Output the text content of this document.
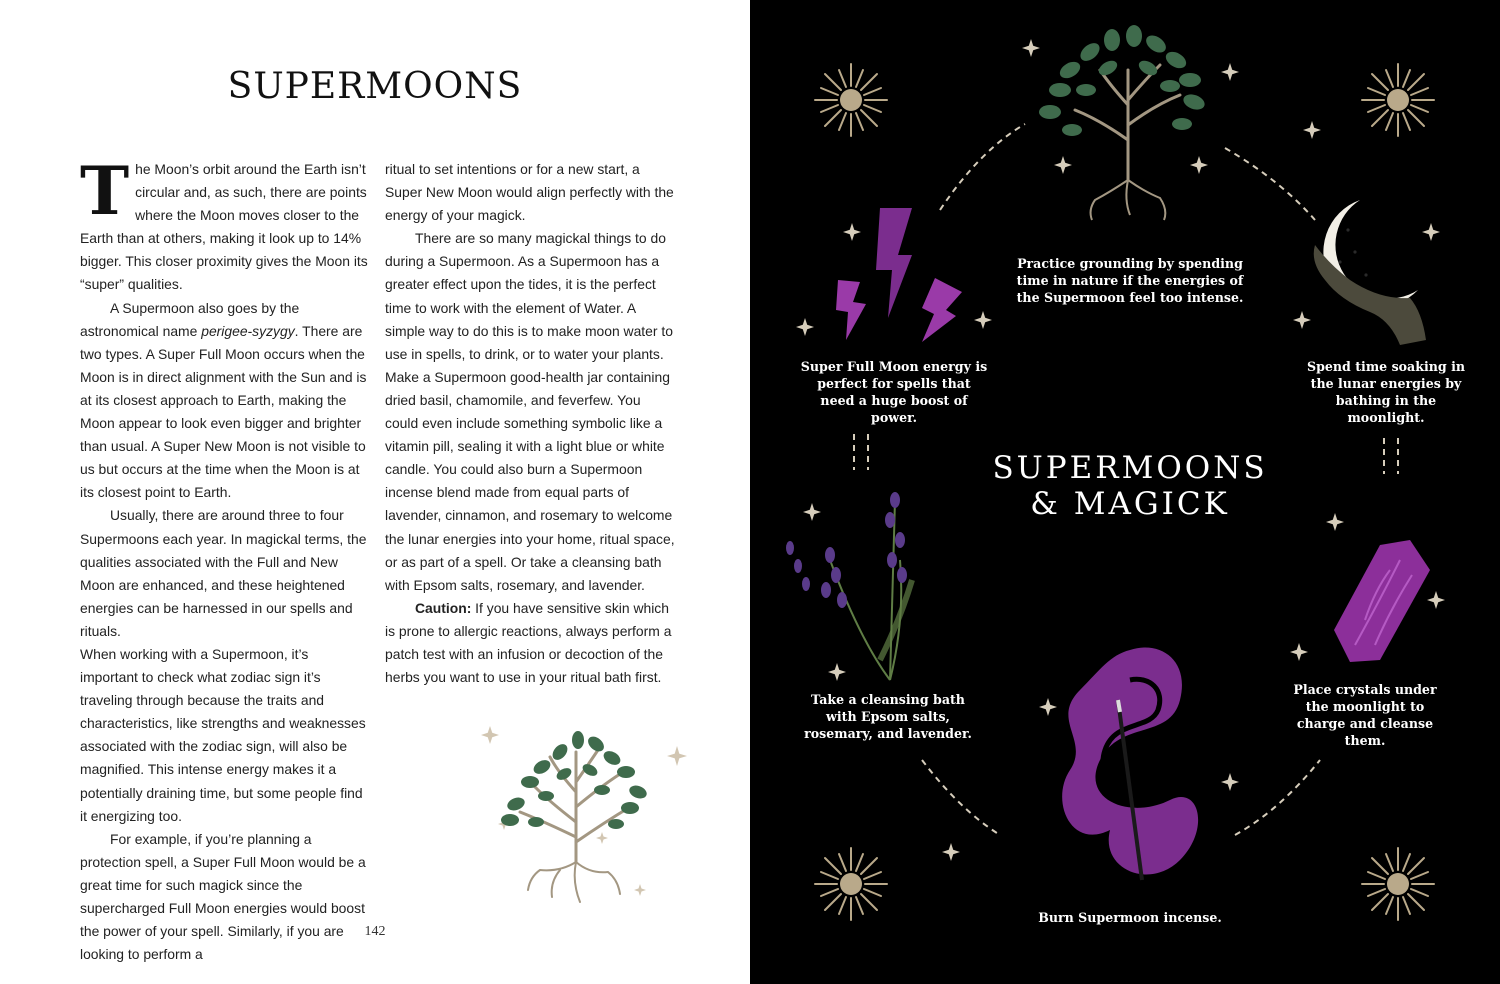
SUPERMOONS

The Moon’s orbit around the Earth isn’t circular and, as such, there are points where the Moon moves closer to the Earth than at others, making it look up to 14% bigger. This closer proximity gives the Moon its “super” qualities.

A Supermoon also goes by the astronomical name perigee-syzygy. There are two types. A Super Full Moon occurs when the Moon is in direct alignment with the Sun and is at its closest approach to Earth, making the Moon appear to look even bigger and brighter than usual. A Super New Moon is not visible to us but occurs at the time when the Moon is at its closest point to Earth.

Usually, there are around three to four Supermoons each year. In magickal terms, the qualities associated with the Full and New Moon are enhanced, and these heightened energies can be harnessed in our spells and rituals.

When working with a Supermoon, it’s important to check what zodiac sign it’s traveling through because the traits and characteristics, like strengths and weaknesses associated with the zodiac sign, will also be magnified. This intense energy makes it a potentially draining time, but some people find it energizing too.

For example, if you’re planning a protection spell, a Super Full Moon would be a great time for such magick since the supercharged Full Moon energies would boost the power of your spell. Similarly, if you are looking to perform a

ritual to set intentions or for a new start, a Super New Moon would align perfectly with the energy of your magick.

There are so many magickal things to do during a Supermoon. As a Supermoon has a greater effect upon the tides, it is the perfect time to work with the element of Water. A simple way to do this is to make moon water to use in spells, to drink, or to water your plants. Make a Supermoon good-health jar containing dried basil, chamomile, and feverfew. You could even include something symbolic like a vitamin pill, sealing it with a light blue or white candle. You could also burn a Supermoon incense blend made from equal parts of lavender, cinnamon, and rosemary to welcome the lunar energies into your home, ritual space, or as part of a spell. Or take a cleansing bath with Epsom salts, rosemary, and lavender.

Caution: If you have sensitive skin which is prone to allergic reactions, always perform a patch test with an infusion or decoction of the herbs you want to use in your ritual bath first.

142
SUPERMOONS
& MAGICK
Practice grounding by spending time in nature if the energies of the Supermoon feel too intense.
Super Full Moon energy is perfect for spells that need a huge boost of power.
Spend time soaking in the lunar energies by bathing in the moonlight.
Take a cleansing bath with Epsom salts, rosemary, and lavender.
Place crystals under the moonlight to charge and cleanse them.
Burn Supermoon incense.
